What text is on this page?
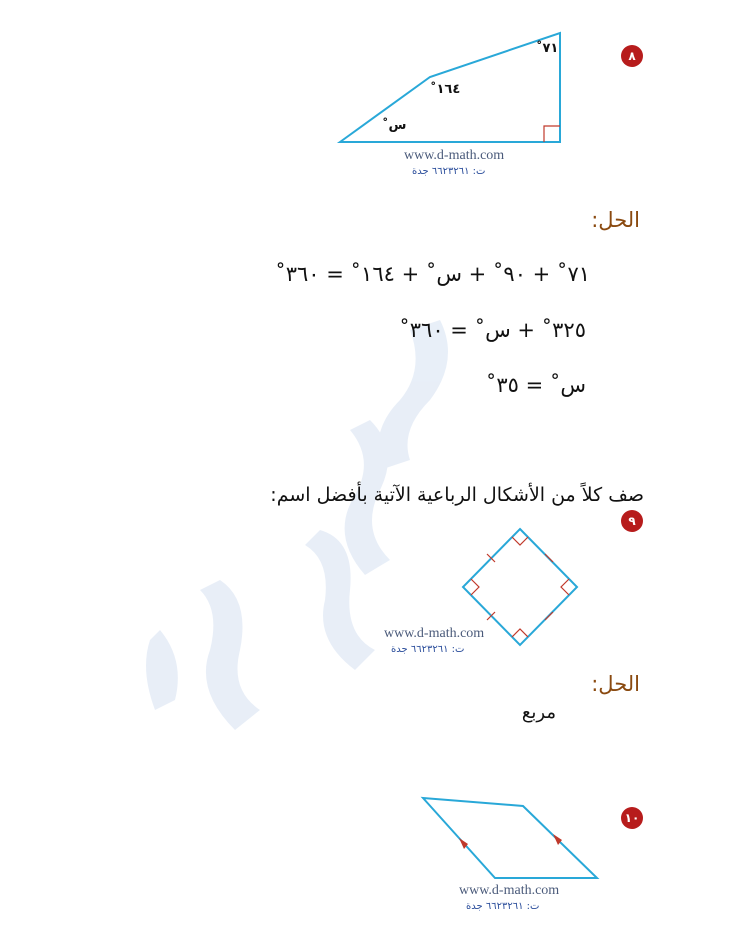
٨
٧١˚
١٦٤˚
س˚
www.d-math.com
ت: ٦٦٢٣٢٦١ جدة
الحل:
٧١˚ + ٩٠˚ + س˚ + ١٦٤˚ = ٣٦٠˚
٣٢٥˚ + س˚ = ٣٦٠˚
س˚ = ٣٥˚
صف كلاً من الأشكال الرباعية الآتية بأفضل اسم:
٩
www.d-math.com
ت: ٦٦٢٣٢٦١ جدة
الحل:
مربع
١٠
www.d-math.com
ت: ٦٦٢٣٢٦١ جدة
